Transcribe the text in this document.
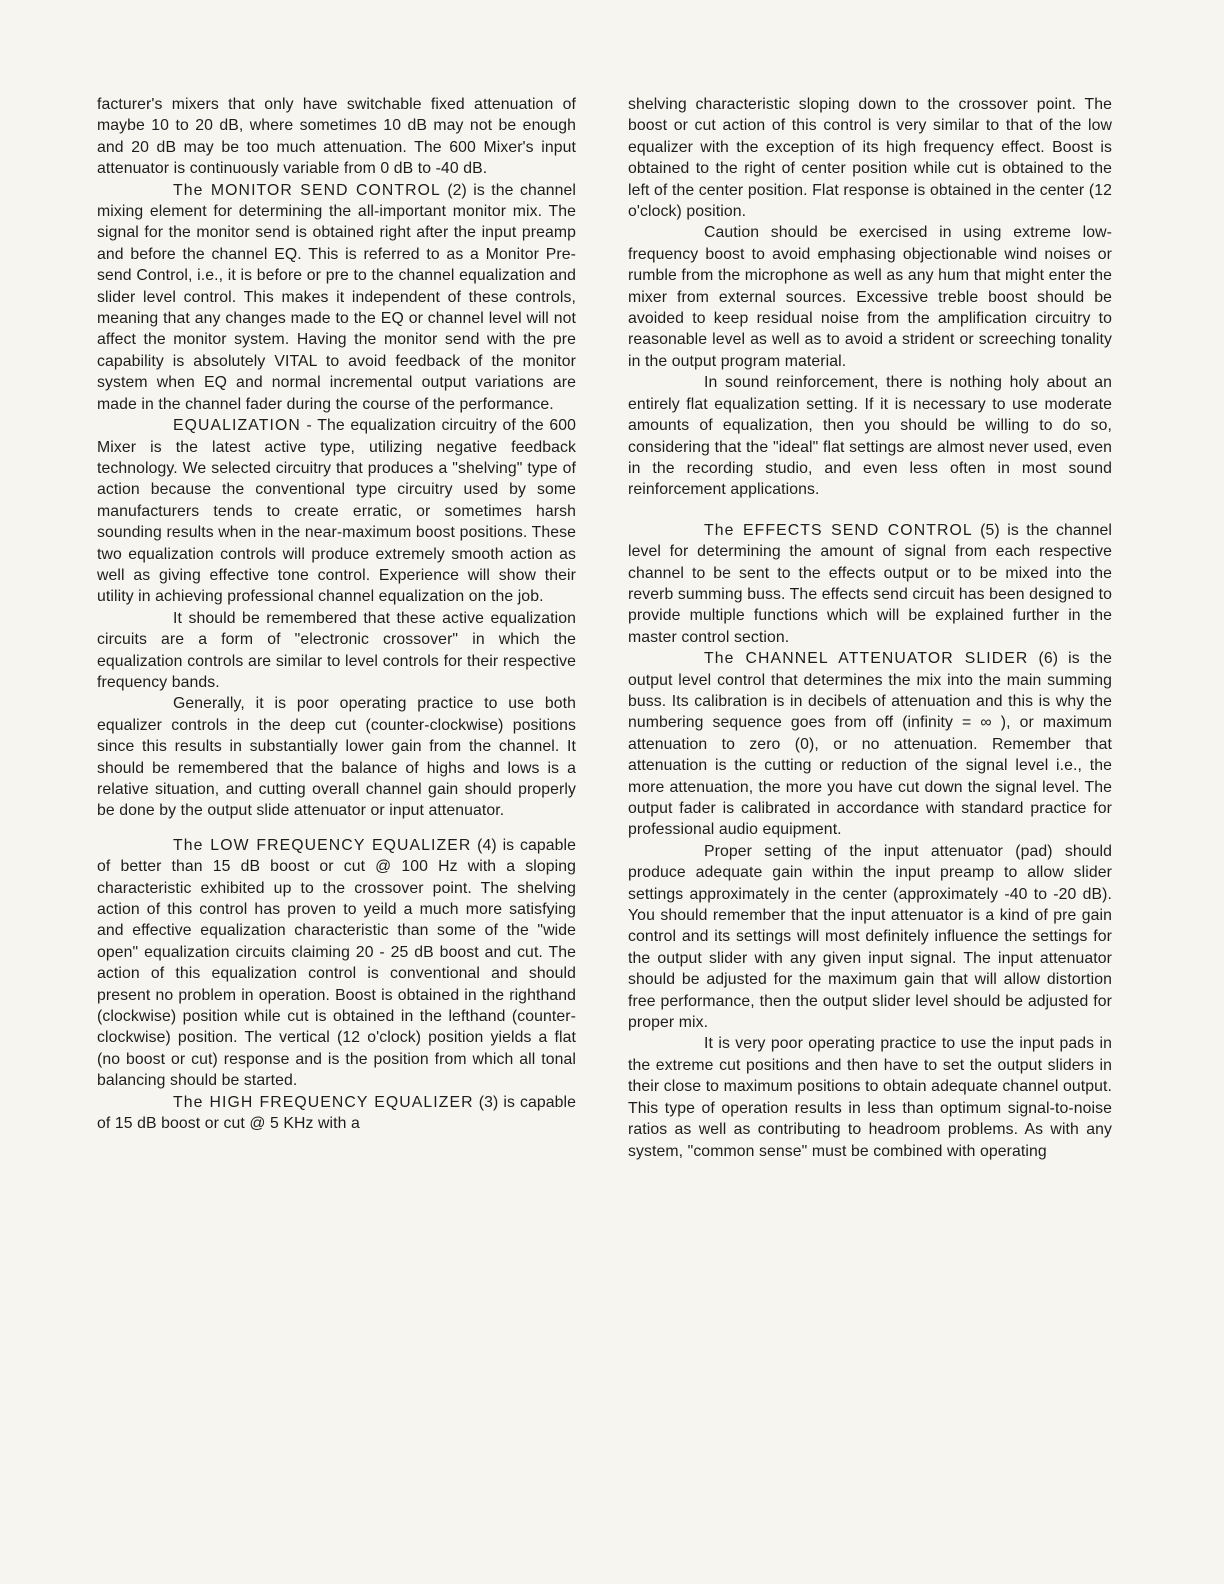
facturer's mixers that only have switchable fixed attenuation of maybe 10 to 20 dB, where sometimes 10 dB may not be enough and 20 dB may be too much attenuation. The 600 Mixer's input attenuator is continuously variable from 0 dB to -40 dB.

The MONITOR SEND CONTROL (2) is the channel mixing element for determining the all-important monitor mix. The signal for the monitor send is obtained right after the input preamp and before the channel EQ. This is referred to as a Monitor Pre-send Control, i.e., it is before or pre to the channel equalization and slider level control. This makes it independent of these controls, meaning that any changes made to the EQ or channel level will not affect the monitor system. Having the monitor send with the pre capability is absolutely VITAL to avoid feedback of the monitor system when EQ and normal incremental output variations are made in the channel fader during the course of the performance.

EQUALIZATION - The equalization circuitry of the 600 Mixer is the latest active type, utilizing negative feedback technology. We selected circuitry that produces a "shelving" type of action because the conventional type circuitry used by some manufacturers tends to create erratic, or sometimes harsh sounding results when in the near-maximum boost positions. These two equalization controls will produce extremely smooth action as well as giving effective tone control. Experience will show their utility in achieving professional channel equalization on the job.

It should be remembered that these active equalization circuits are a form of "electronic crossover" in which the equalization controls are similar to level controls for their respective frequency bands.

Generally, it is poor operating practice to use both equalizer controls in the deep cut (counter-clockwise) positions since this results in substantially lower gain from the channel. It should be remembered that the balance of highs and lows is a relative situation, and cutting overall channel gain should properly be done by the output slide attenuator or input attenuator.

The LOW FREQUENCY EQUALIZER (4) is capable of better than 15 dB boost or cut @ 100 Hz with a sloping characteristic exhibited up to the crossover point. The shelving action of this control has proven to yeild a much more satisfying and effective equalization characteristic than some of the "wide open" equalization circuits claiming 20 - 25 dB boost and cut. The action of this equalization control is conventional and should present no problem in operation. Boost is obtained in the righthand (clockwise) position while cut is obtained in the lefthand (counter-clockwise) position. The vertical (12 o'clock) position yields a flat (no boost or cut) response and is the position from which all tonal balancing should be started.

The HIGH FREQUENCY EQUALIZER (3) is capable of 15 dB boost or cut @ 5 KHz with a

shelving characteristic sloping down to the crossover point. The boost or cut action of this control is very similar to that of the low equalizer with the exception of its high frequency effect. Boost is obtained to the right of center position while cut is obtained to the left of the center position. Flat response is obtained in the center (12 o'clock) position.

Caution should be exercised in using extreme low-frequency boost to avoid emphasing objectionable wind noises or rumble from the microphone as well as any hum that might enter the mixer from external sources. Excessive treble boost should be avoided to keep residual noise from the amplification circuitry to reasonable level as well as to avoid a strident or screeching tonality in the output program material.

In sound reinforcement, there is nothing holy about an entirely flat equalization setting. If it is necessary to use moderate amounts of equalization, then you should be willing to do so, considering that the "ideal" flat settings are almost never used, even in the recording studio, and even less often in most sound reinforcement applications.

The EFFECTS SEND CONTROL (5) is the channel level for determining the amount of signal from each respective channel to be sent to the effects output or to be mixed into the reverb summing buss. The effects send circuit has been designed to provide multiple functions which will be explained further in the master control section.

The CHANNEL ATTENUATOR SLIDER (6) is the output level control that determines the mix into the main summing buss. Its calibration is in decibels of attenuation and this is why the numbering sequence goes from off (infinity = ∞ ), or maximum attenuation to zero (0), or no attenuation. Remember that attenuation is the cutting or reduction of the signal level i.e., the more attenuation, the more you have cut down the signal level. The output fader is calibrated in accordance with standard practice for professional audio equipment.

Proper setting of the input attenuator (pad) should produce adequate gain within the input preamp to allow slider settings approximately in the center (approximately -40 to -20 dB). You should remember that the input attenuator is a kind of pre gain control and its settings will most definitely influence the settings for the output slider with any given input signal. The input attenuator should be adjusted for the maximum gain that will allow distortion free performance, then the output slider level should be adjusted for proper mix.

It is very poor operating practice to use the input pads in the extreme cut positions and then have to set the output sliders in their close to maximum positions to obtain adequate channel output. This type of operation results in less than optimum signal-to-noise ratios as well as contributing to headroom problems. As with any system, "common sense" must be combined with operating
